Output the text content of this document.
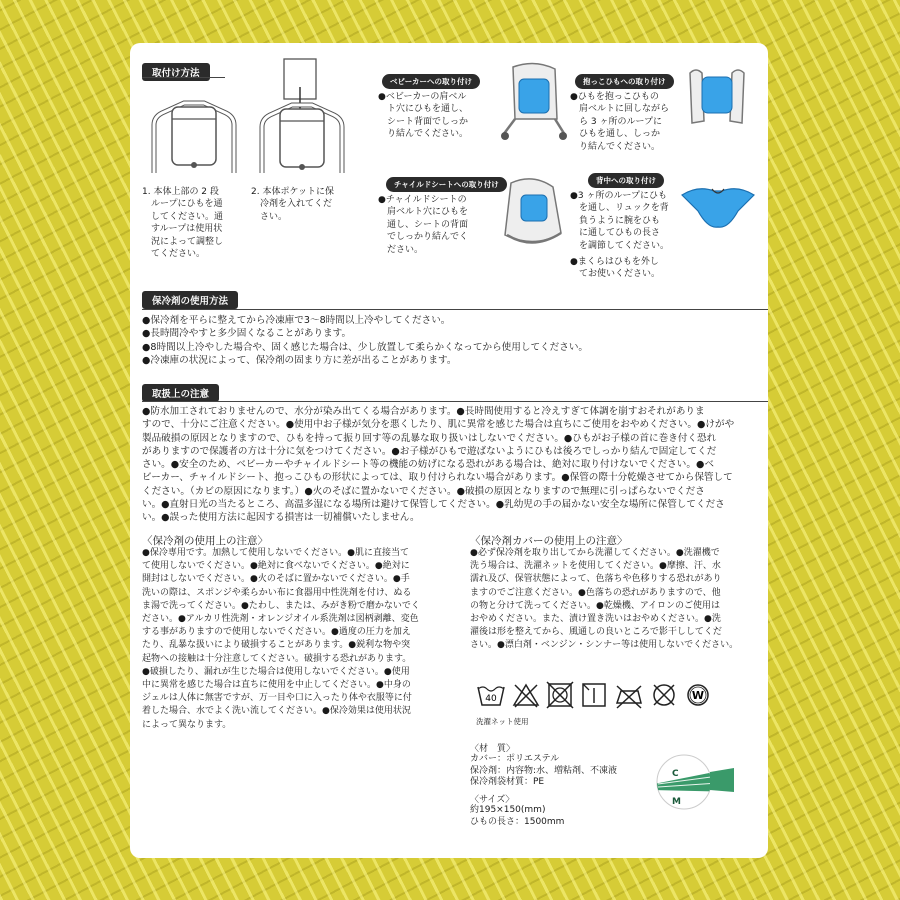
取付け方法
1. 本体上部の 2 段
ループにひもを通
してください。通
すループは使用状
況によって調整し
てください。
2. 本体ポケットに保
冷剤を入れてくだ
さい。
ベビーカーへの取り付け
●ベビーカーの肩ベル
ト穴にひもを通し、
シート背面でしっか
り結んでください。
抱っこひもへの取り付け
●ひもを抱っこひもの
肩ベルトに回しながら
ら 3 ヶ所のループに
ひもを通し、しっか
り結んでください。
チャイルドシートへの取り付け
●チャイルドシートの
肩ベルト穴にひもを
通し、シートの背面
でしっかり結んでく
ださい。
背中への取り付け
●3 ヶ所のループにひも
を通し、リュックを背
負うように腕をひも
に通してひもの長さ
を調節してください。
●まくらはひもを外し
てお使いください。
保冷剤の使用方法
●保冷剤を平らに整えてから冷凍庫で3～8時間以上冷やしてください。
●長時間冷やすと多少固くなることがあります。
●8時間以上冷やした場合や、固く感じた場合は、少し放置して柔らかくなってから使用してください。
●冷凍庫の状況によって、保冷剤の固まり方に差が出ることがあります。
取扱上の注意
●防水加工されておりませんので、水分が染み出てくる場合があります。●長時間使用すると冷えすぎて体調を崩すおそれがありま
すので、十分にご注意ください。●使用中お子様が気分を悪くしたり、肌に異常を感じた場合は直ちにご使用をおやめください。●けがや
製品破損の原因となりますので、ひもを持って振り回す等の乱暴な取り扱いはしないでください。●ひもがお子様の首に巻き付く恐れ
がありますので保護者の方は十分に気をつけてください。●お子様がひもで遊ばないようにひもは後ろでしっかり結んで固定してくだ
さい。●安全のため、ベビーカーやチャイルドシート等の機能の妨げになる恐れがある場合は、絶対に取り付けないでください。●ベ
ビーカー、チャイルドシート、抱っこひもの形状によっては、取り付けられない場合があります。●保管の際十分乾燥させてから保管して
ください。（カビの原因になります。）●火のそばに置かないでください。●破損の原因となりますので無理に引っぱらないでくださ
い。●直射日光の当たるところ、高温多湿になる場所は避けて保管してください。●乳幼児の手の届かない安全な場所に保管してくださ
い。●誤った使用方法に起因する損害は一切補償いたしません。
〈保冷剤の使用上の注意〉
●保冷専用です。加熱して使用しないでください。●肌に直接当て
て使用しないでください。●絶対に食べないでください。●絶対に
開封はしないでください。●火のそばに置かないでください。●手
洗いの際は、スポンジや柔らかい布に食器用中性洗剤を付け、ぬる
ま湯で洗ってください。●たわし、または、みがき粉で磨かないでく
ださい。●アルカリ性洗剤・オレンジオイル系洗剤は図柄剥離、変色
する事がありますので使用しないでください。●過度の圧力を加え
たり、乱暴な扱いにより破損することがあります。●鋭利な物や突
起物への接触は十分注意してください。破損する恐れがあります。
●破損したり、漏れが生じた場合は使用しないでください。●使用
中に異常を感じた場合は直ちに使用を中止してください。●中身の
ジェルは人体に無害ですが、万一目や口に入ったり体や衣服等に付
着した場合、水でよく洗い流してください。●保冷効果は使用状況
によって異なります。
〈保冷剤カバーの使用上の注意〉
●必ず保冷剤を取り出してから洗濯してください。●洗濯機で
洗う場合は、洗濯ネットを使用してください。●摩擦、汗、水
濡れ及び、保管状態によって、色落ちや色移りする恐れがあり
ますのでご注意ください。●色落ちの恐れがありますので、他
の物と分けて洗ってください。●乾燥機、アイロンのご使用は
おやめください。また、漬け置き洗いはおやめください。●洗
濯後は形を整えてから、風通しの良いところで影干ししてくだ
さい。●漂白剤・ベンジン・シンナー等は使用しないでください。
40	W
洗濯ネット使用
〈材　質〉
カバー：ポリエステル
保冷剤：内容物:水、増粘剤、不凍液
保冷剤袋材質：PE
〈サイズ〉
約195×150(mm)
ひもの長さ：1500mm
C
M
